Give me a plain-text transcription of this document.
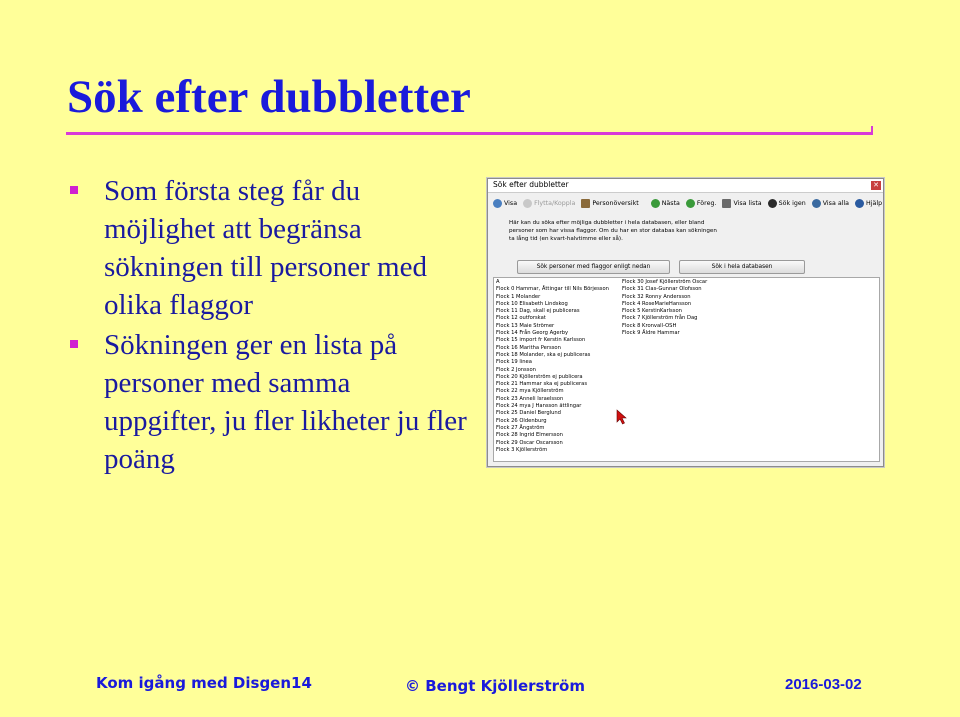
Sök efter dubbletter
Som första steg får du möjlighet att begränsa sökningen till personer med olika flaggor
Sökningen ger en lista på personer med samma uppgifter, ju fler likheter ju fler poäng
Sök efter dubbletter	✕
Visa	Flytta/Koppla	Personöversikt	Nästa	Föreg.	Visa lista	Sök igen	Visa alla	Hjälp
Här kan du söka efter möjliga dubbletter i hela databasen, eller bland
personer som har vissa flaggor. Om du har en stor databas kan sökningen
ta lång tid (en kvart-halvtimme eller så).
Sök personer med flaggor enligt nedan	Sök i hela databasen
A
Flock 0 Hammar, Åttingar till Nils Börjesson
Flock 1 Molander
Flock 10 Elisabeth Lindskog
Flock 11 Dag, skall ej publiceras
Flock 12 outforskat
Flock 13 Maie Strömer
Flock 14 Från Georg Agerby
Flock 15 import fr Kerstin Karlsson
Flock 16 Maritha Persson
Flock 18 Molander, ska ej publiceras
Flock 19 linea
Flock 2 Jonsson
Flock 20 Kjöllerström ej publicera
Flock 21 Hammar ska ej publiceras
Flock 22 mya Kjöllerström
Flock 23 Anneli Israelsson
Flock 24 mya J Hansson ättlingar
Flock 25 Daniel Berglund
Flock 26 Oldenburg
Flock 27 Ångström
Flock 28 Ingrid Elmersson
Flock 29 Oscar Oscarsson
Flock 3 Kjöllerström
Flock 30 Josef Kjöllerström Oscar
Flock 31 Clas-Gunnar Olofsson
Flock 32 Ronny Andersson
Flock 4 RoseMarieHansson
Flock 5 KerstinKarlsson
Flock 7 Kjöllerström från Dag
Flock 8 Kronvall-OSH
Flock 9 Äldre Hammar
Kom igång med Disgen14	© Bengt Kjöllerström	2016-03-02
